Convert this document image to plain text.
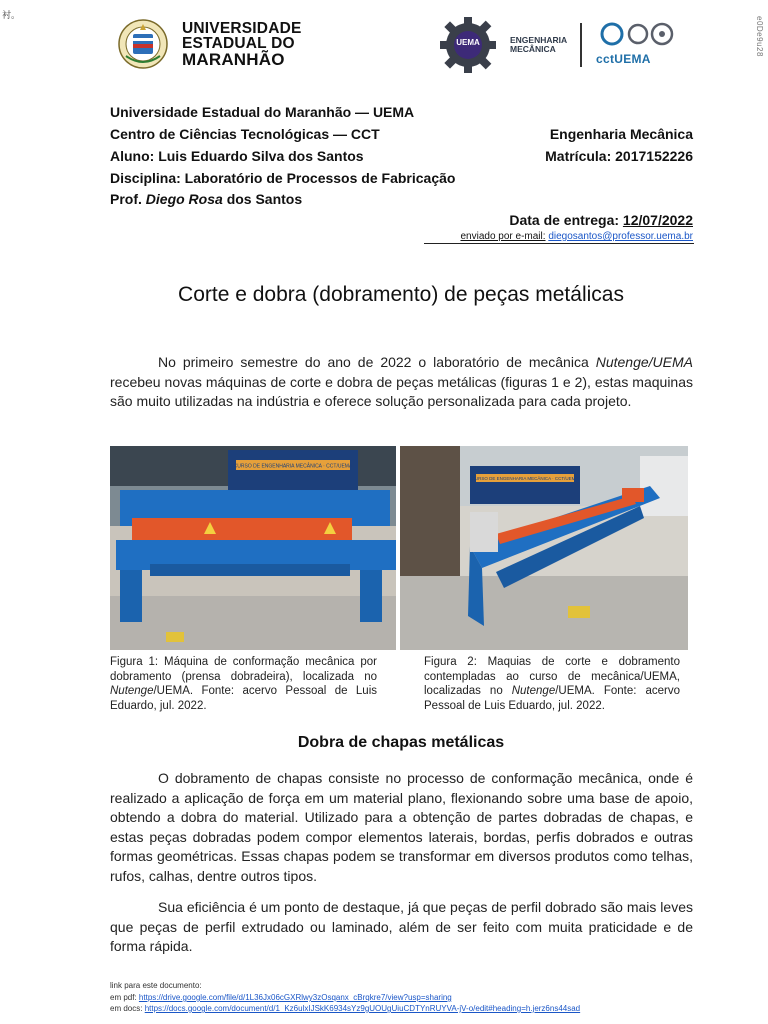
衬。	e0De9u28
UNIVERSIDADE
ESTADUAL DO
MARANHÃO
UEMA	ENGENHARIA
MECÂNICA
cctUEMA
Universidade Estadual do Maranhão — UEMA
Centro de Ciências Tecnológicas — CCT	Engenharia Mecânica
Aluno: Luis Eduardo Silva dos Santos	Matrícula: 2017152226
Disciplina: Laboratório de Processos de Fabricação
Prof. Diego Rosa dos Santos
Data de entrega: 12/07/2022
enviado por e-mail: diegosantos@professor.uema.br
Corte e dobra (dobramento) de peças metálicas

No primeiro semestre do ano de 2022 o laboratório de mecânica Nutenge/UEMA recebeu novas máquinas de corte e dobra de peças metálicas (figuras 1 e 2), estas maquinas são muito utilizadas na indústria e oferece solução personalizada para cada projeto.

CURSO DE ENGENHARIA MECÂNICA · CCT/UEMA
CURSO DE ENGENHARIA MECÂNICA · CCT/UEMA

Figura 1: Máquina de conformação mecânica por dobramento (prensa dobradeira), localizada no Nutenge/UEMA. Fonte: acervo Pessoal de Luis Eduardo, jul. 2022.

Figura 2: Maquias de corte e dobramento contempladas ao curso de mecânica/UEMA, localizadas no Nutenge/UEMA. Fonte: acervo Pessoal de Luis Eduardo, jul. 2022.

Dobra de chapas metálicas

O dobramento de chapas consiste no processo de conformação mecânica, onde é realizado a aplicação de força em um material plano, flexionando sobre uma base de apoio, obtendo a dobra do material. Utilizado para a obtenção de partes dobradas de chapas, e estas peças dobradas podem compor elementos laterais, bordas, perfis dobrados e outras formas geométricas. Essas chapas podem se transformar em diversos produtos como telhas, rufos, calhas, dentre outros tipos.

Sua eficiência é um ponto de destaque, já que peças de perfil dobrado são mais leves que peças de perfil extrudado ou laminado, além de ser feito com muita praticidade e de forma rápida.

link para este documento:
em pdf: https://drive.google.com/file/d/1L36Jx06cGXRlwy3zOsqanx_cBrqkre7/view?usp=sharing
em docs: https://docs.google.com/document/d/1_Kz6ulxIJSkK6934sYz9gUOUgUiuCDTYnRUYVA-jV-o/edit#heading=h.jerz6ns44sad
